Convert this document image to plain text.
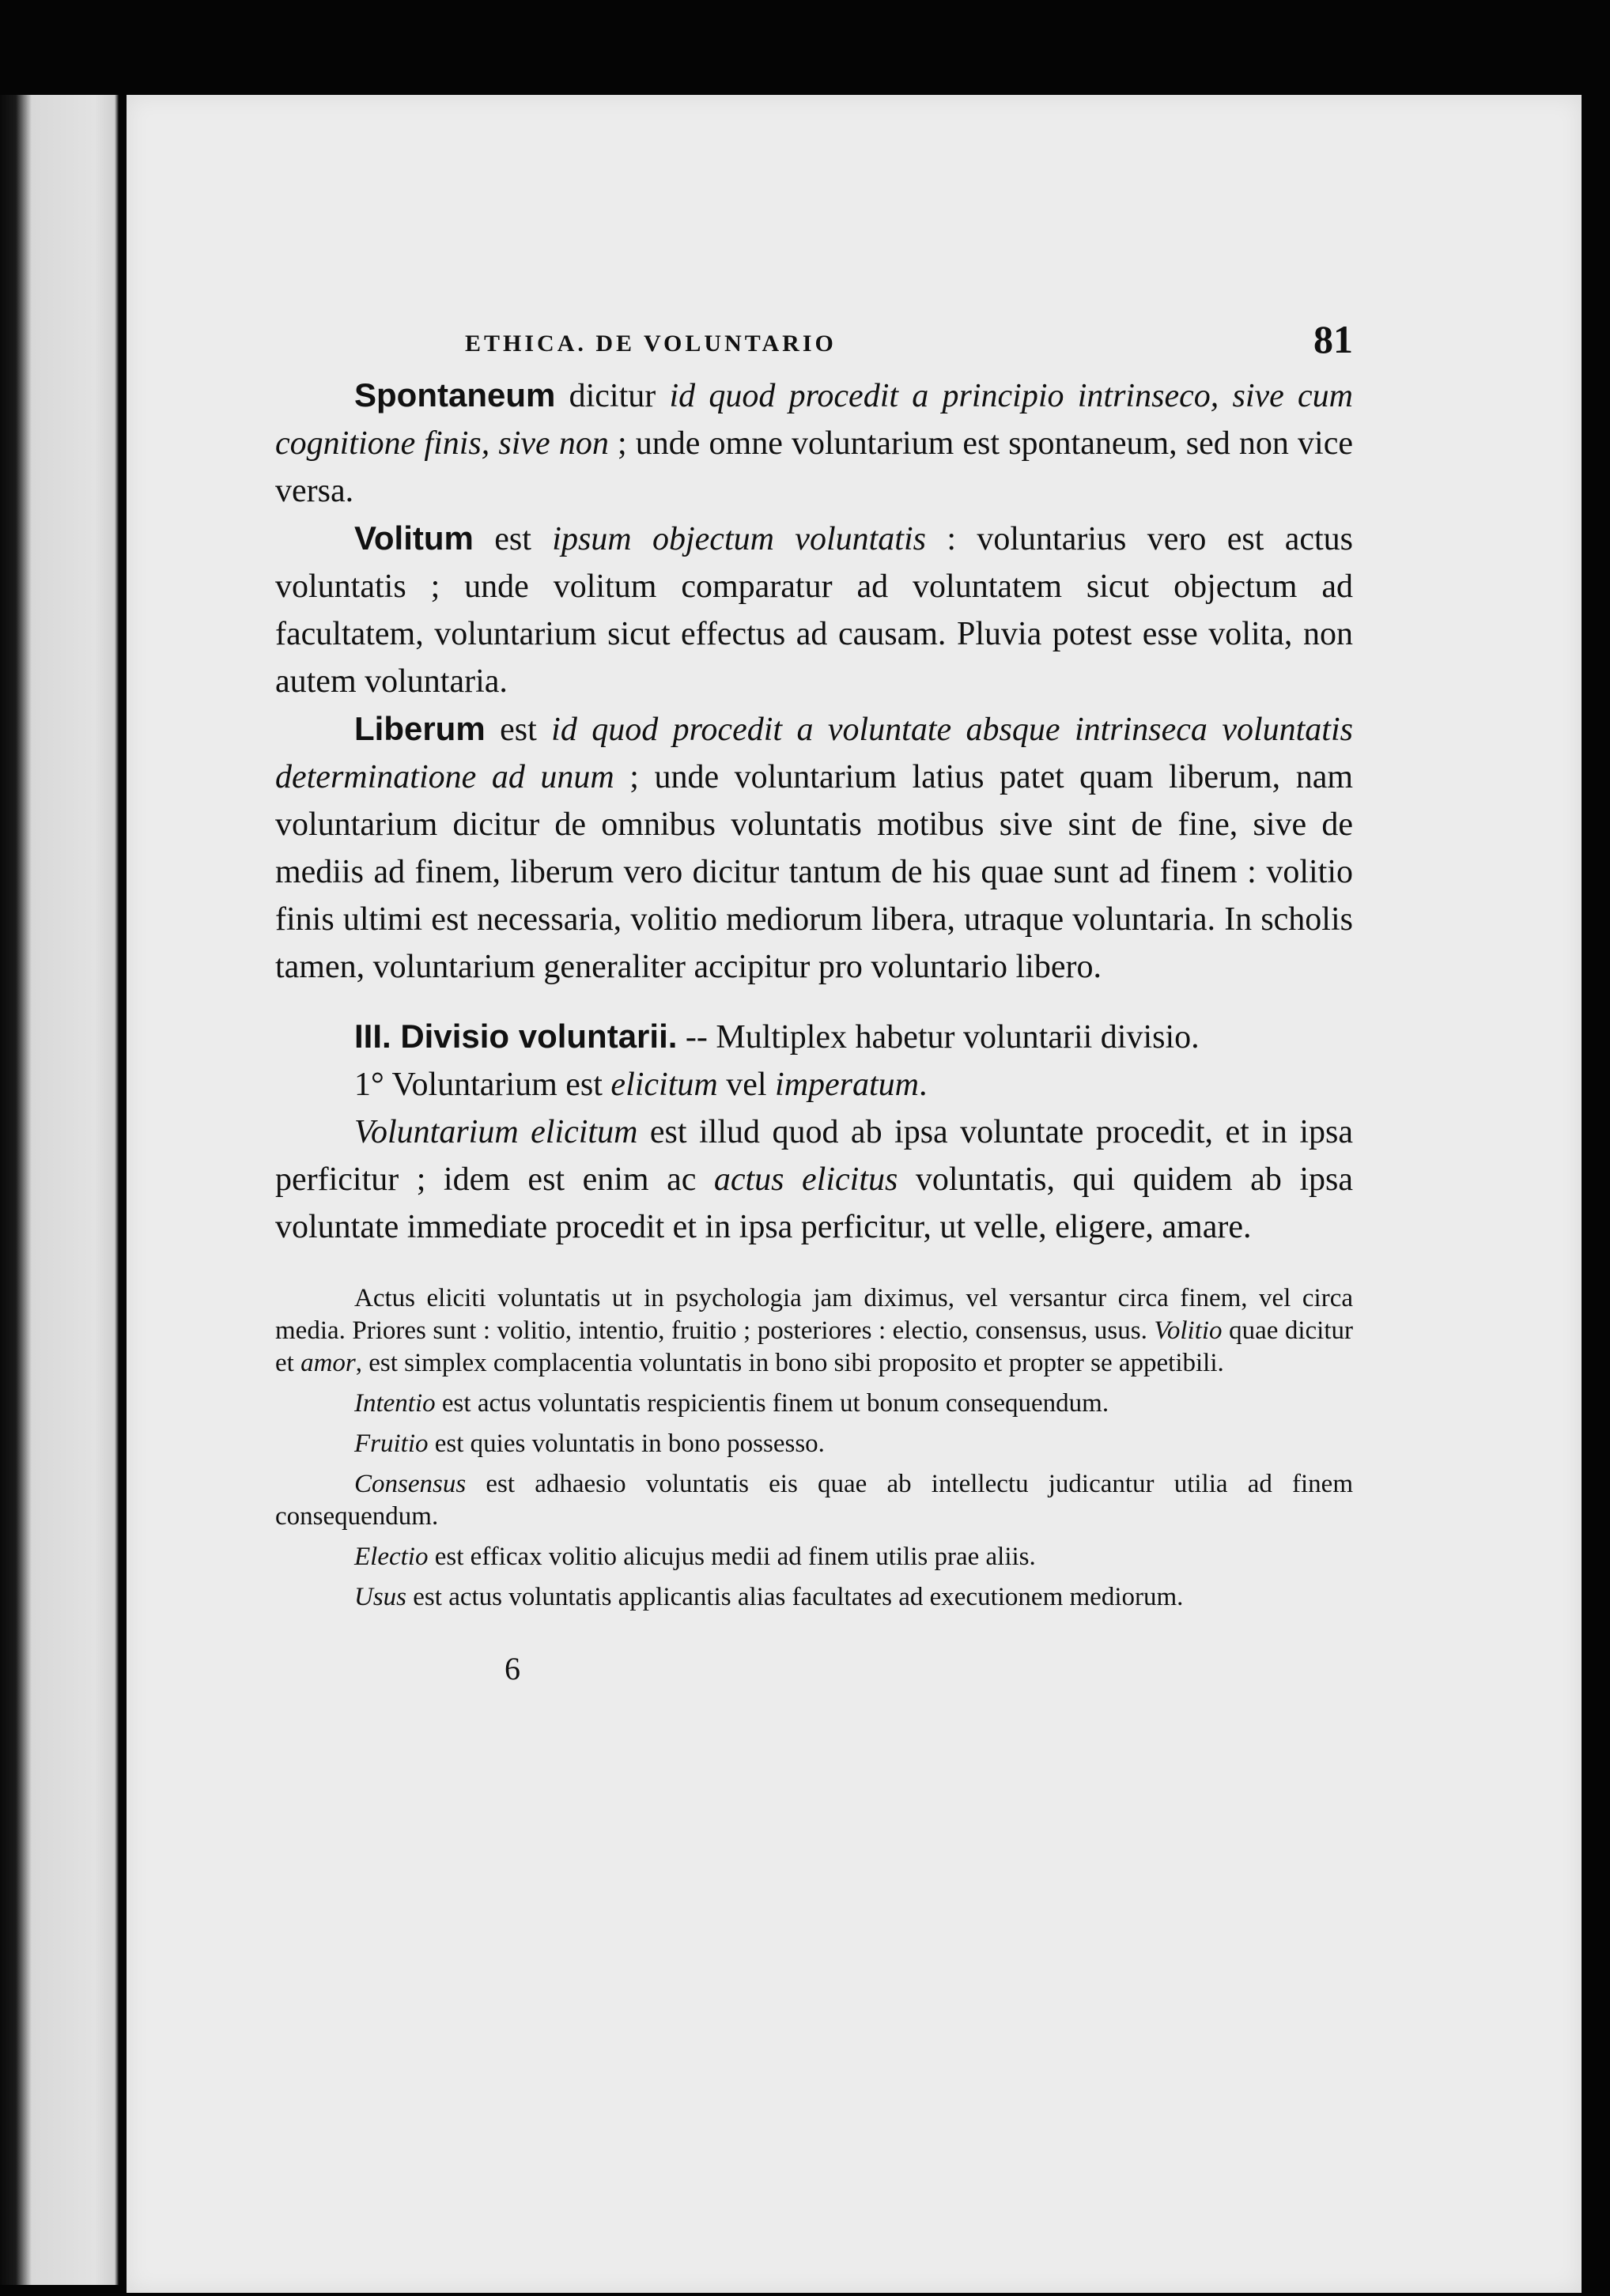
ETHICA. DE VOLUNTARIO	81

Spontaneum dicitur id quod procedit a principio intrinseco, sive cum cognitione finis, sive non ; unde omne voluntarium est spontaneum, sed non vice versa.

Volitum est ipsum objectum voluntatis : voluntarius vero est actus voluntatis ; unde volitum comparatur ad voluntatem sicut objectum ad facultatem, voluntarium sicut effectus ad causam. Pluvia potest esse volita, non autem voluntaria.

Liberum est id quod procedit a voluntate absque intrinseca voluntatis determinatione ad unum ; unde voluntarium latius patet quam liberum, nam voluntarium dicitur de omnibus voluntatis motibus sive sint de fine, sive de mediis ad finem, liberum vero dicitur tantum de his quae sunt ad finem : volitio finis ultimi est necessaria, volitio mediorum libera, utraque voluntaria. In scholis tamen, voluntarium generaliter accipitur pro voluntario libero.

III. Divisio voluntarii. -- Multiplex habetur voluntarii divisio.

1° Voluntarium est elicitum vel imperatum.

Voluntarium elicitum est illud quod ab ipsa voluntate procedit, et in ipsa perficitur ; idem est enim ac actus elicitus voluntatis, qui quidem ab ipsa voluntate immediate procedit et in ipsa perficitur, ut velle, eligere, amare.

Actus eliciti voluntatis ut in psychologia jam diximus, vel versantur circa finem, vel circa media. Priores sunt : volitio, intentio, fruitio ; posteriores : electio, consensus, usus. Volitio quae dicitur et amor, est simplex complacentia voluntatis in bono sibi proposito et propter se appetibili.

Intentio est actus voluntatis respicientis finem ut bonum consequendum.

Fruitio est quies voluntatis in bono possesso.

Consensus est adhaesio voluntatis eis quae ab intellectu judicantur utilia ad finem consequendum.

Electio est efficax volitio alicujus medii ad finem utilis prae aliis.

Usus est actus voluntatis applicantis alias facultates ad executionem mediorum.

6
